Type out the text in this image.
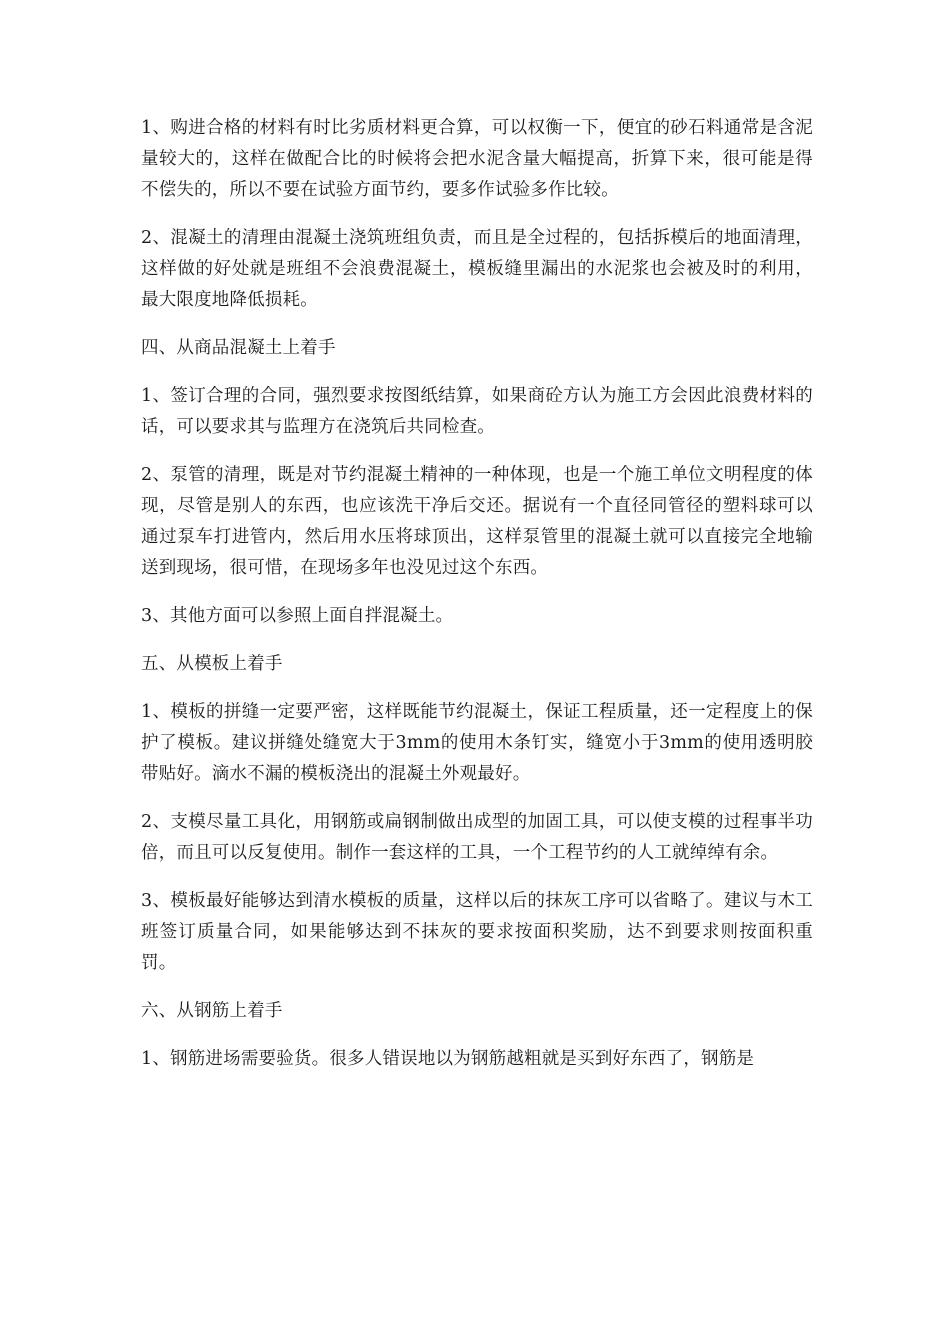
1、购进合格的材料有时比劣质材料更合算，可以权衡一下，便宜的砂石料通常是含泥量较大的，这样在做配合比的时候将会把水泥含量大幅提高，折算下来，很可能是得不偿失的，所以不要在试验方面节约，要多作试验多作比较。

2、混凝土的清理由混凝土浇筑班组负责，而且是全过程的，包括拆模后的地面清理，这样做的好处就是班组不会浪费混凝土，模板缝里漏出的水泥浆也会被及时的利用，最大限度地降低损耗。

四、从商品混凝土上着手

1、签订合理的合同，强烈要求按图纸结算，如果商砼方认为施工方会因此浪费材料的话，可以要求其与监理方在浇筑后共同检查。

2、泵管的清理，既是对节约混凝土精神的一种体现，也是一个施工单位文明程度的体现，尽管是别人的东西，也应该洗干净后交还。据说有一个直径同管径的塑料球可以通过泵车打进管内，然后用水压将球顶出，这样泵管里的混凝土就可以直接完全地输送到现场，很可惜，在现场多年也没见过这个东西。

3、其他方面可以参照上面自拌混凝土。

五、从模板上着手

1、模板的拼缝一定要严密，这样既能节约混凝土，保证工程质量，还一定程度上的保护了模板。建议拼缝处缝宽大于3mm的使用木条钉实，缝宽小于3mm的使用透明胶带贴好。滴水不漏的模板浇出的混凝土外观最好。

2、支模尽量工具化，用钢筋或扁钢制做出成型的加固工具，可以使支模的过程事半功倍，而且可以反复使用。制作一套这样的工具，一个工程节约的人工就绰绰有余。

3、模板最好能够达到清水模板的质量，这样以后的抹灰工序可以省略了。建议与木工班签订质量合同，如果能够达到不抹灰的要求按面积奖励，达不到要求则按面积重罚。

六、从钢筋上着手

1、钢筋进场需要验货。很多人错误地以为钢筋越粗就是买到好东西了，钢筋是
